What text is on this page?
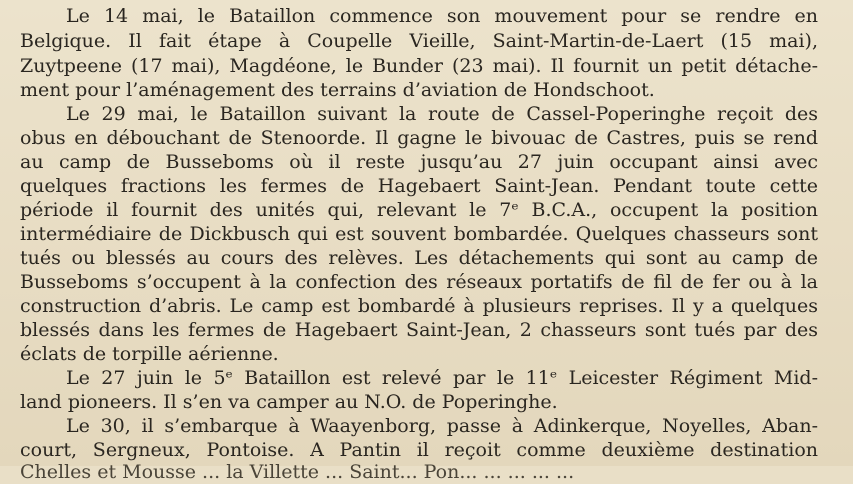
Le 14 mai, le Bataillon commence son mouvement pour se rendre en
Belgique. Il fait étape à Coupelle Vieille, Saint-Martin-de-Laert (15 mai),
Zuytpeene (17 mai), Magdéone, le Bunder (23 mai). Il fournit un petit détache-
ment pour l’aménagement des terrains d’aviation de Hondschoot.
Le 29 mai, le Bataillon suivant la route de Cassel-Poperinghe reçoit des
obus en débouchant de Stenoorde. Il gagne le bivouac de Castres, puis se rend
au camp de Busseboms où il reste jusqu’au 27 juin occupant ainsi avec
quelques fractions les fermes de Hagebaert Saint-Jean. Pendant toute cette
période il fournit des unités qui, relevant le 7ᵉ B.C.A., occupent la position
intermédiaire de Dickbusch qui est souvent bombardée. Quelques chasseurs sont
tués ou blessés au cours des relèves. Les détachements qui sont au camp de
Busseboms s’occupent à la confection des réseaux portatifs de fil de fer ou à la
construction d’abris. Le camp est bombardé à plusieurs reprises. Il y a quelques
blessés dans les fermes de Hagebaert Saint-Jean, 2 chasseurs sont tués par des
éclats de torpille aérienne.
Le 27 juin le 5ᵉ Bataillon est relevé par le 11ᵉ Leicester Régiment Mid-
land pioneers. Il s’en va camper au N.O. de Poperinghe.
Le 30, il s’embarque à Waayenborg, passe à Adinkerque, Noyelles, Aban-
court, Sergneux, Pontoise. A Pantin il reçoit comme deuxième destination
Chelles et Mousse ... la Villette ... Saint... Pon... ... ... ... ...
